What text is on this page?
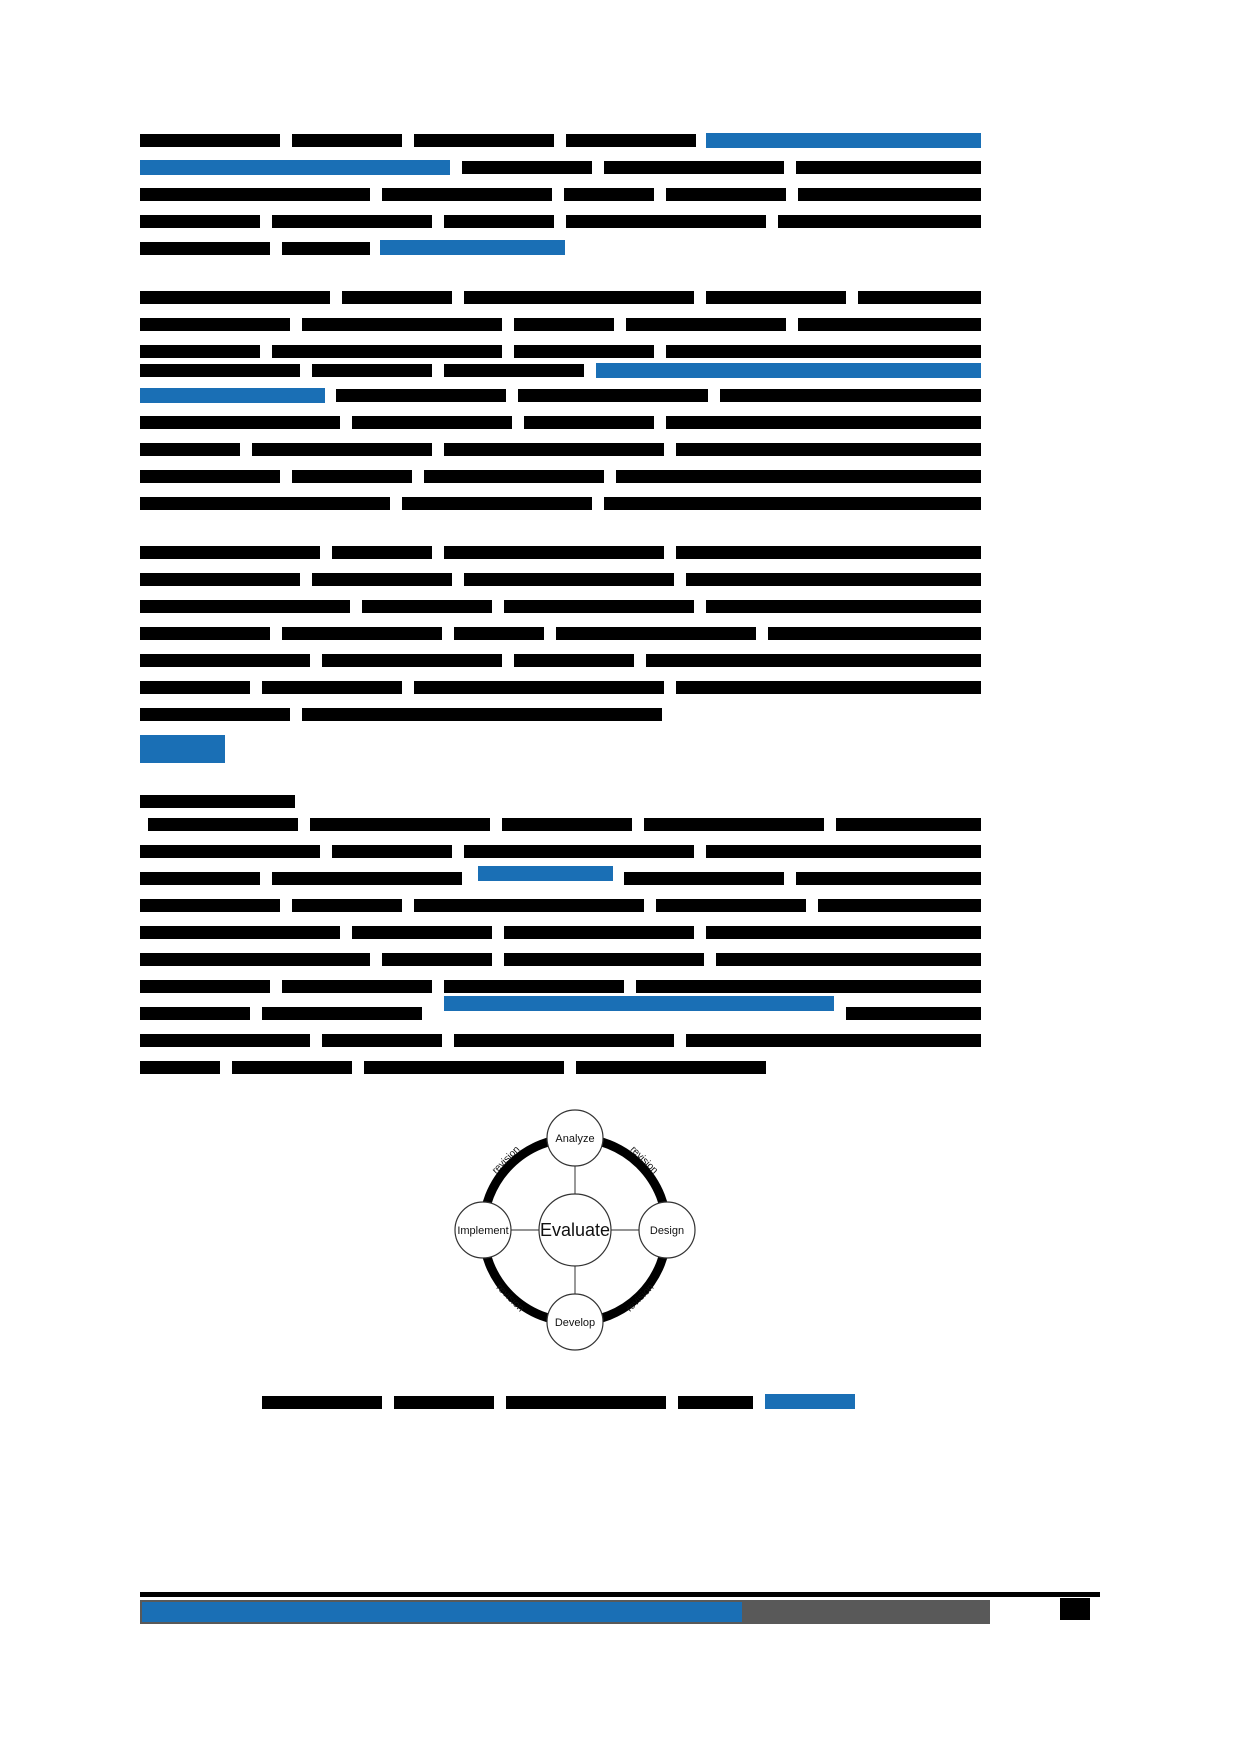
Evaluate
Analyze
Design
Develop
Implement
revision	revision
revision	revision
